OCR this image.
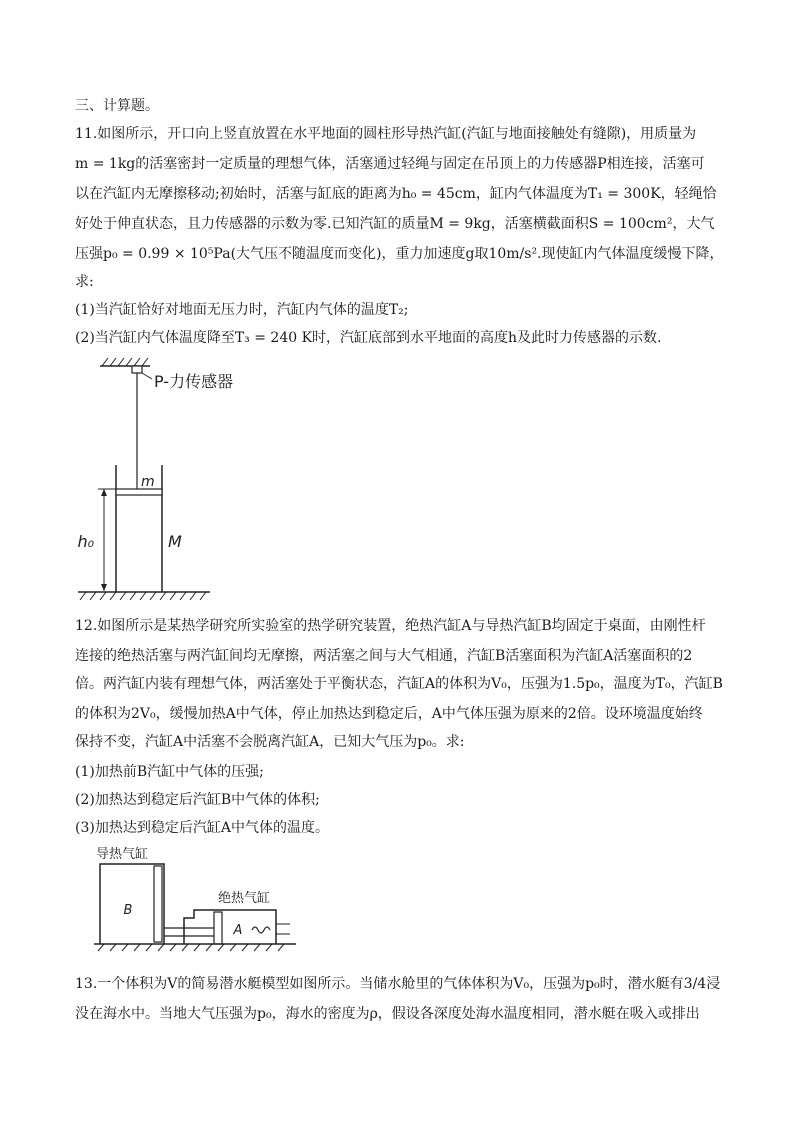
三、计算题。
11.如图所示，开口向上竖直放置在水平地面的圆柱形导热汽缸(汽缸与地面接触处有缝隙)，用质量为
m = 1kg的活塞密封一定质量的理想气体，活塞通过轻绳与固定在吊顶上的力传感器P相连接，活塞可
以在汽缸内无摩擦移动;初始时，活塞与缸底的距离为h₀ = 45cm，缸内气体温度为T₁ = 300K，轻绳恰
好处于伸直状态，且力传感器的示数为零.已知汽缸的质量M = 9kg，活塞横截面积S = 100cm²，大气
压强p₀ = 0.99 × 10⁵Pa(大气压不随温度而变化)，重力加速度g取10m/s².现使缸内气体温度缓慢下降，
求:
(1)当汽缸恰好对地面无压力时，汽缸内气体的温度T₂;
(2)当汽缸内气体温度降至T₃ = 240 K时，汽缸底部到水平地面的高度h及此时力传感器的示数.
P-力传感器
m
M
h₀
12.如图所示是某热学研究所实验室的热学研究装置，绝热汽缸A与导热汽缸B均固定于桌面，由刚性杆
连接的绝热活塞与两汽缸间均无摩擦，两活塞之间与大气相通，汽缸B活塞面积为汽缸A活塞面积的2
倍。两汽缸内装有理想气体，两活塞处于平衡状态，汽缸A的体积为V₀，压强为1.5p₀，温度为T₀，汽缸B
的体积为2V₀，缓慢加热A中气体，停止加热达到稳定后，A中气体压强为原来的2倍。设环境温度始终
保持不变，汽缸A中活塞不会脱离汽缸A，已知大气压为p₀。求:
(1)加热前B汽缸中气体的压强;
(2)加热达到稳定后汽缸B中气体的体积;
(3)加热达到稳定后汽缸A中气体的温度。
导热气缸
B
绝热气缸
A
13.一个体积为V的简易潜水艇模型如图所示。当储水舱里的气体体积为V₀，压强为p₀时，潜水艇有3/4浸
没在海水中。当地大气压强为p₀，海水的密度为ρ，假设各深度处海水温度相同，潜水艇在吸入或排出
